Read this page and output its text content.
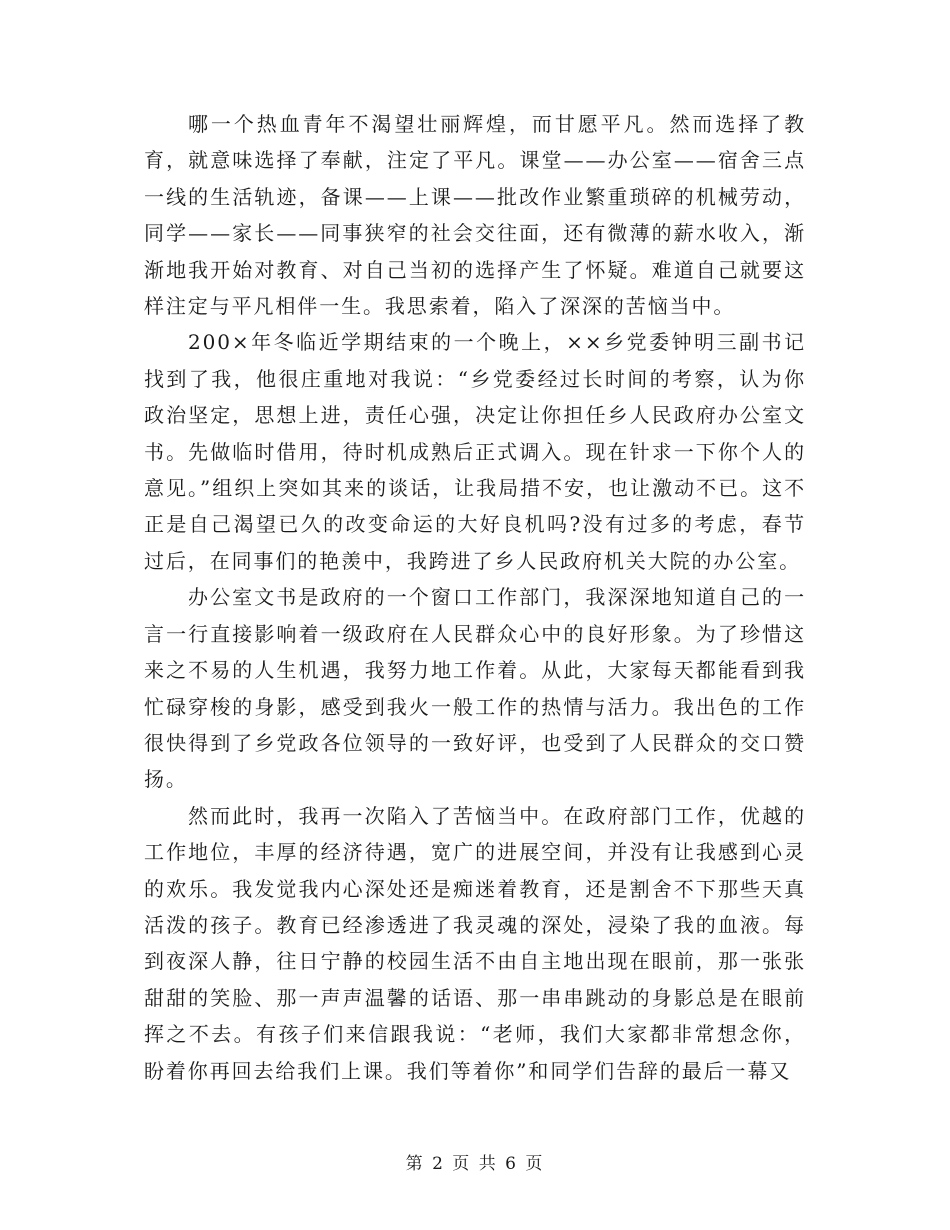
哪一个热血青年不渴望壮丽辉煌，而甘愿平凡。然而选择了教育，就意味选择了奉献，注定了平凡。课堂——办公室——宿舍三点一线的生活轨迹，备课——上课——批改作业繁重琐碎的机械劳动，同学——家长——同事狭窄的社会交往面，还有微薄的薪水收入，渐渐地我开始对教育、对自己当初的选择产生了怀疑。难道自己就要这样注定与平凡相伴一生。我思索着，陷入了深深的苦恼当中。

200×年冬临近学期结束的一个晚上，××乡党委钟明三副书记找到了我，他很庄重地对我说：“乡党委经过长时间的考察，认为你政治坚定，思想上进，责任心强，决定让你担任乡人民政府办公室文书。先做临时借用，待时机成熟后正式调入。现在针求一下你个人的意见。”组织上突如其来的谈话，让我局措不安，也让激动不已。这不正是自己渴望已久的改变命运的大好良机吗?没有过多的考虑，春节过后，在同事们的艳羡中，我跨进了乡人民政府机关大院的办公室。

办公室文书是政府的一个窗口工作部门，我深深地知道自己的一言一行直接影响着一级政府在人民群众心中的良好形象。为了珍惜这来之不易的人生机遇，我努力地工作着。从此，大家每天都能看到我忙碌穿梭的身影，感受到我火一般工作的热情与活力。我出色的工作很快得到了乡党政各位领导的一致好评，也受到了人民群众的交口赞扬。

然而此时，我再一次陷入了苦恼当中。在政府部门工作，优越的工作地位，丰厚的经济待遇，宽广的进展空间，并没有让我感到心灵的欢乐。我发觉我内心深处还是痴迷着教育，还是割舍不下那些天真活泼的孩子。教育已经渗透进了我灵魂的深处，浸染了我的血液。每到夜深人静，往日宁静的校园生活不由自主地出现在眼前，那一张张甜甜的笑脸、那一声声温馨的话语、那一串串跳动的身影总是在眼前挥之不去。有孩子们来信跟我说：“老师，我们大家都非常想念你，盼着你再回去给我们上课。我们等着你”和同学们告辞的最后一幕又

第 2 页 共 6 页
